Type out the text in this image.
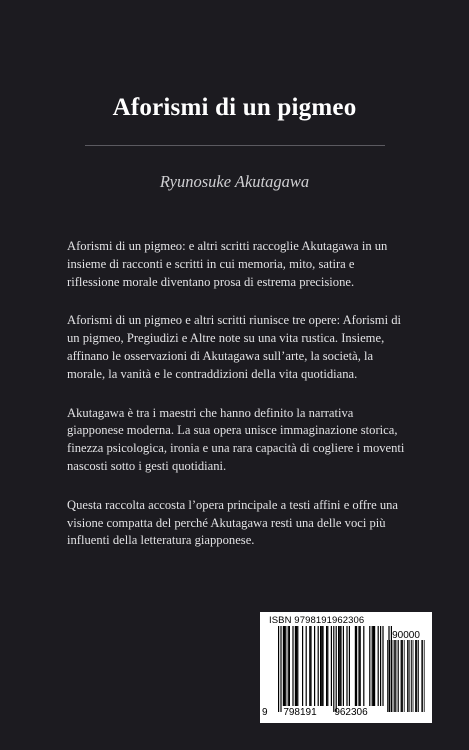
Aforismi di un pigmeo
Ryunosuke Akutagawa

Aforismi di un pigmeo: e altri scritti raccoglie Akutagawa in un insieme di racconti e scritti in cui memoria, mito, satira e riflessione morale diventano prosa di estrema precisione.

Aforismi di un pigmeo e altri scritti riunisce tre opere: Aforismi di un pigmeo, Pregiudizi e Altre note su una vita rustica. Insieme, affinano le osservazioni di Akutagawa sull’arte, la società, la morale, la vanità e le contraddizioni della vita quotidiana.

Akutagawa è tra i maestri che hanno definito la narrativa giapponese moderna. La sua opera unisce immaginazione storica, finezza psicologica, ironia e una rara capacità di cogliere i moventi nascosti sotto i gesti quotidiani.

Questa raccolta accosta l’opera principale a testi affini e offre una visione compatta del perché Akutagawa resti una delle voci più influenti della letteratura giapponese.

ISBN 9798191962306
9	798191	962306
90000
